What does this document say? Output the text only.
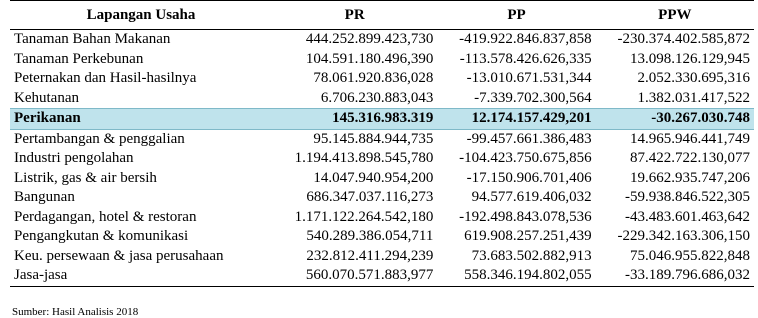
Lapangan Usaha	PR	PP	PPW
Tanaman Bahan Makanan	444.252.899.423,730	-419.922.846.837,858	-230.374.402.585,872
Tanaman Perkebunan	104.591.180.496,390	-113.578.426.626,335	13.098.126.129,945
Peternakan dan Hasil-hasilnya	78.061.920.836,028	-13.010.671.531,344	2.052.330.695,316
Kehutanan	6.706.230.883,043	-7.339.702.300,564	1.382.031.417,522
Perikanan	145.316.983.319	12.174.157.429,201	-30.267.030.748
Pertambangan & penggalian	95.145.884.944,735	-99.457.661.386,483	14.965.946.441,749
Industri pengolahan	1.194.413.898.545,780	-104.423.750.675,856	87.422.722.130,077
Listrik, gas & air bersih	14.047.940.954,200	-17.150.906.701,406	19.662.935.747,206
Bangunan	686.347.037.116,273	94.577.619.406,032	-59.938.846.522,305
Perdagangan, hotel & restoran	1.171.122.264.542,180	-192.498.843.078,536	-43.483.601.463,642
Pengangkutan & komunikasi	540.289.386.054,711	619.908.257.251,439	-229.342.163.306,150
Keu. persewaan & jasa perusahaan	232.812.411.294,239	73.683.502.882,913	75.046.955.822,848
Jasa-jasa	560.070.571.883,977	558.346.194.802,055	-33.189.796.686,032
Sumber: Hasil Analisis 2018
